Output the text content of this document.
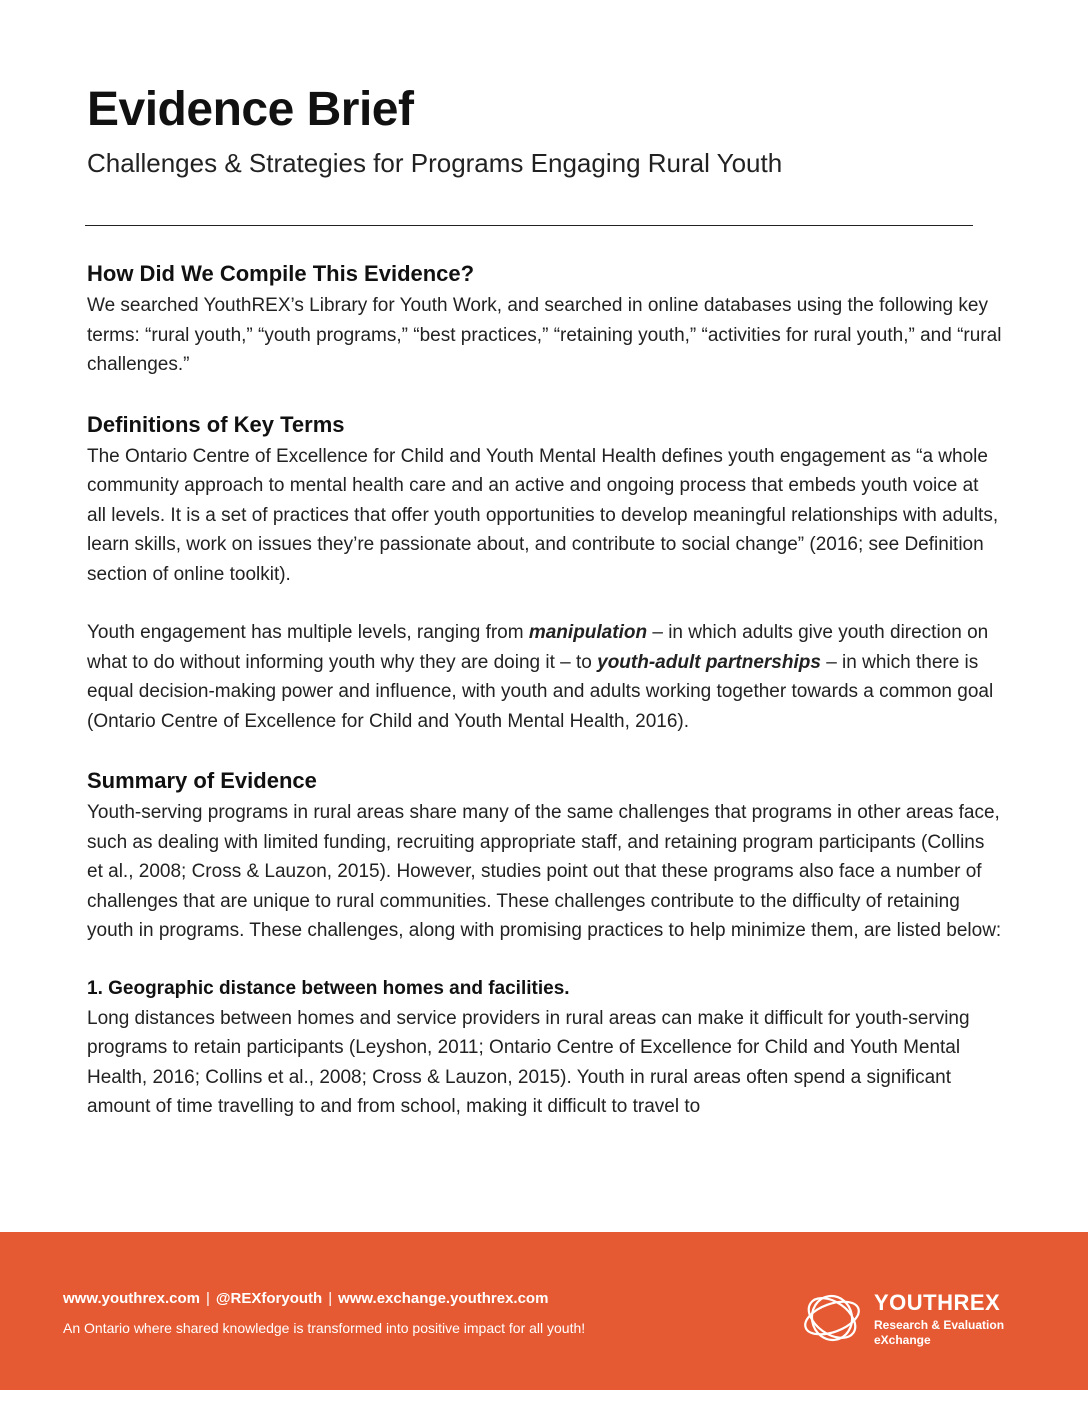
Evidence Brief
Challenges & Strategies for Programs Engaging Rural Youth
How Did We Compile This Evidence?

We searched YouthREX’s Library for Youth Work, and searched in online databases using the following key terms: “rural youth,” “youth programs,” “best practices,” “retaining youth,” “activities for rural youth,” and “rural challenges.”

Definitions of Key Terms

The Ontario Centre of Excellence for Child and Youth Mental Health defines youth engagement as “a whole community approach to mental health care and an active and ongoing process that embeds youth voice at all levels. It is a set of practices that offer youth opportunities to develop meaningful relationships with adults, learn skills, work on issues they’re passionate about, and contribute to social change” (2016; see Definition section of online toolkit).

Youth engagement has multiple levels, ranging from manipulation – in which adults give youth direction on what to do without informing youth why they are doing it – to youth-adult partnerships – in which there is equal decision-making power and influence, with youth and adults working together towards a common goal (Ontario Centre of Excellence for Child and Youth Mental Health, 2016).

Summary of Evidence

Youth-serving programs in rural areas share many of the same challenges that programs in other areas face, such as dealing with limited funding, recruiting appropriate staff, and retaining program participants (Collins et al., 2008; Cross & Lauzon, 2015). However, studies point out that these programs also face a number of challenges that are unique to rural communities. These challenges contribute to the difficulty of retaining youth in programs. These challenges, along with promising practices to help minimize them, are listed below:

1. Geographic distance between homes and facilities.

Long distances between homes and service providers in rural areas can make it difficult for youth-serving programs to retain participants (Leyshon, 2011; Ontario Centre of Excellence for Child and Youth Mental Health, 2016; Collins et al., 2008; Cross & Lauzon, 2015). Youth in rural areas often spend a significant amount of time travelling to and from school, making it difficult to travel to

www.youthrex.com | @REXforyouth | www.exchange.youthrex.com
An Ontario where shared knowledge is transformed into positive impact for all youth!
YOUTHREX
Research & Evaluation eXchange
